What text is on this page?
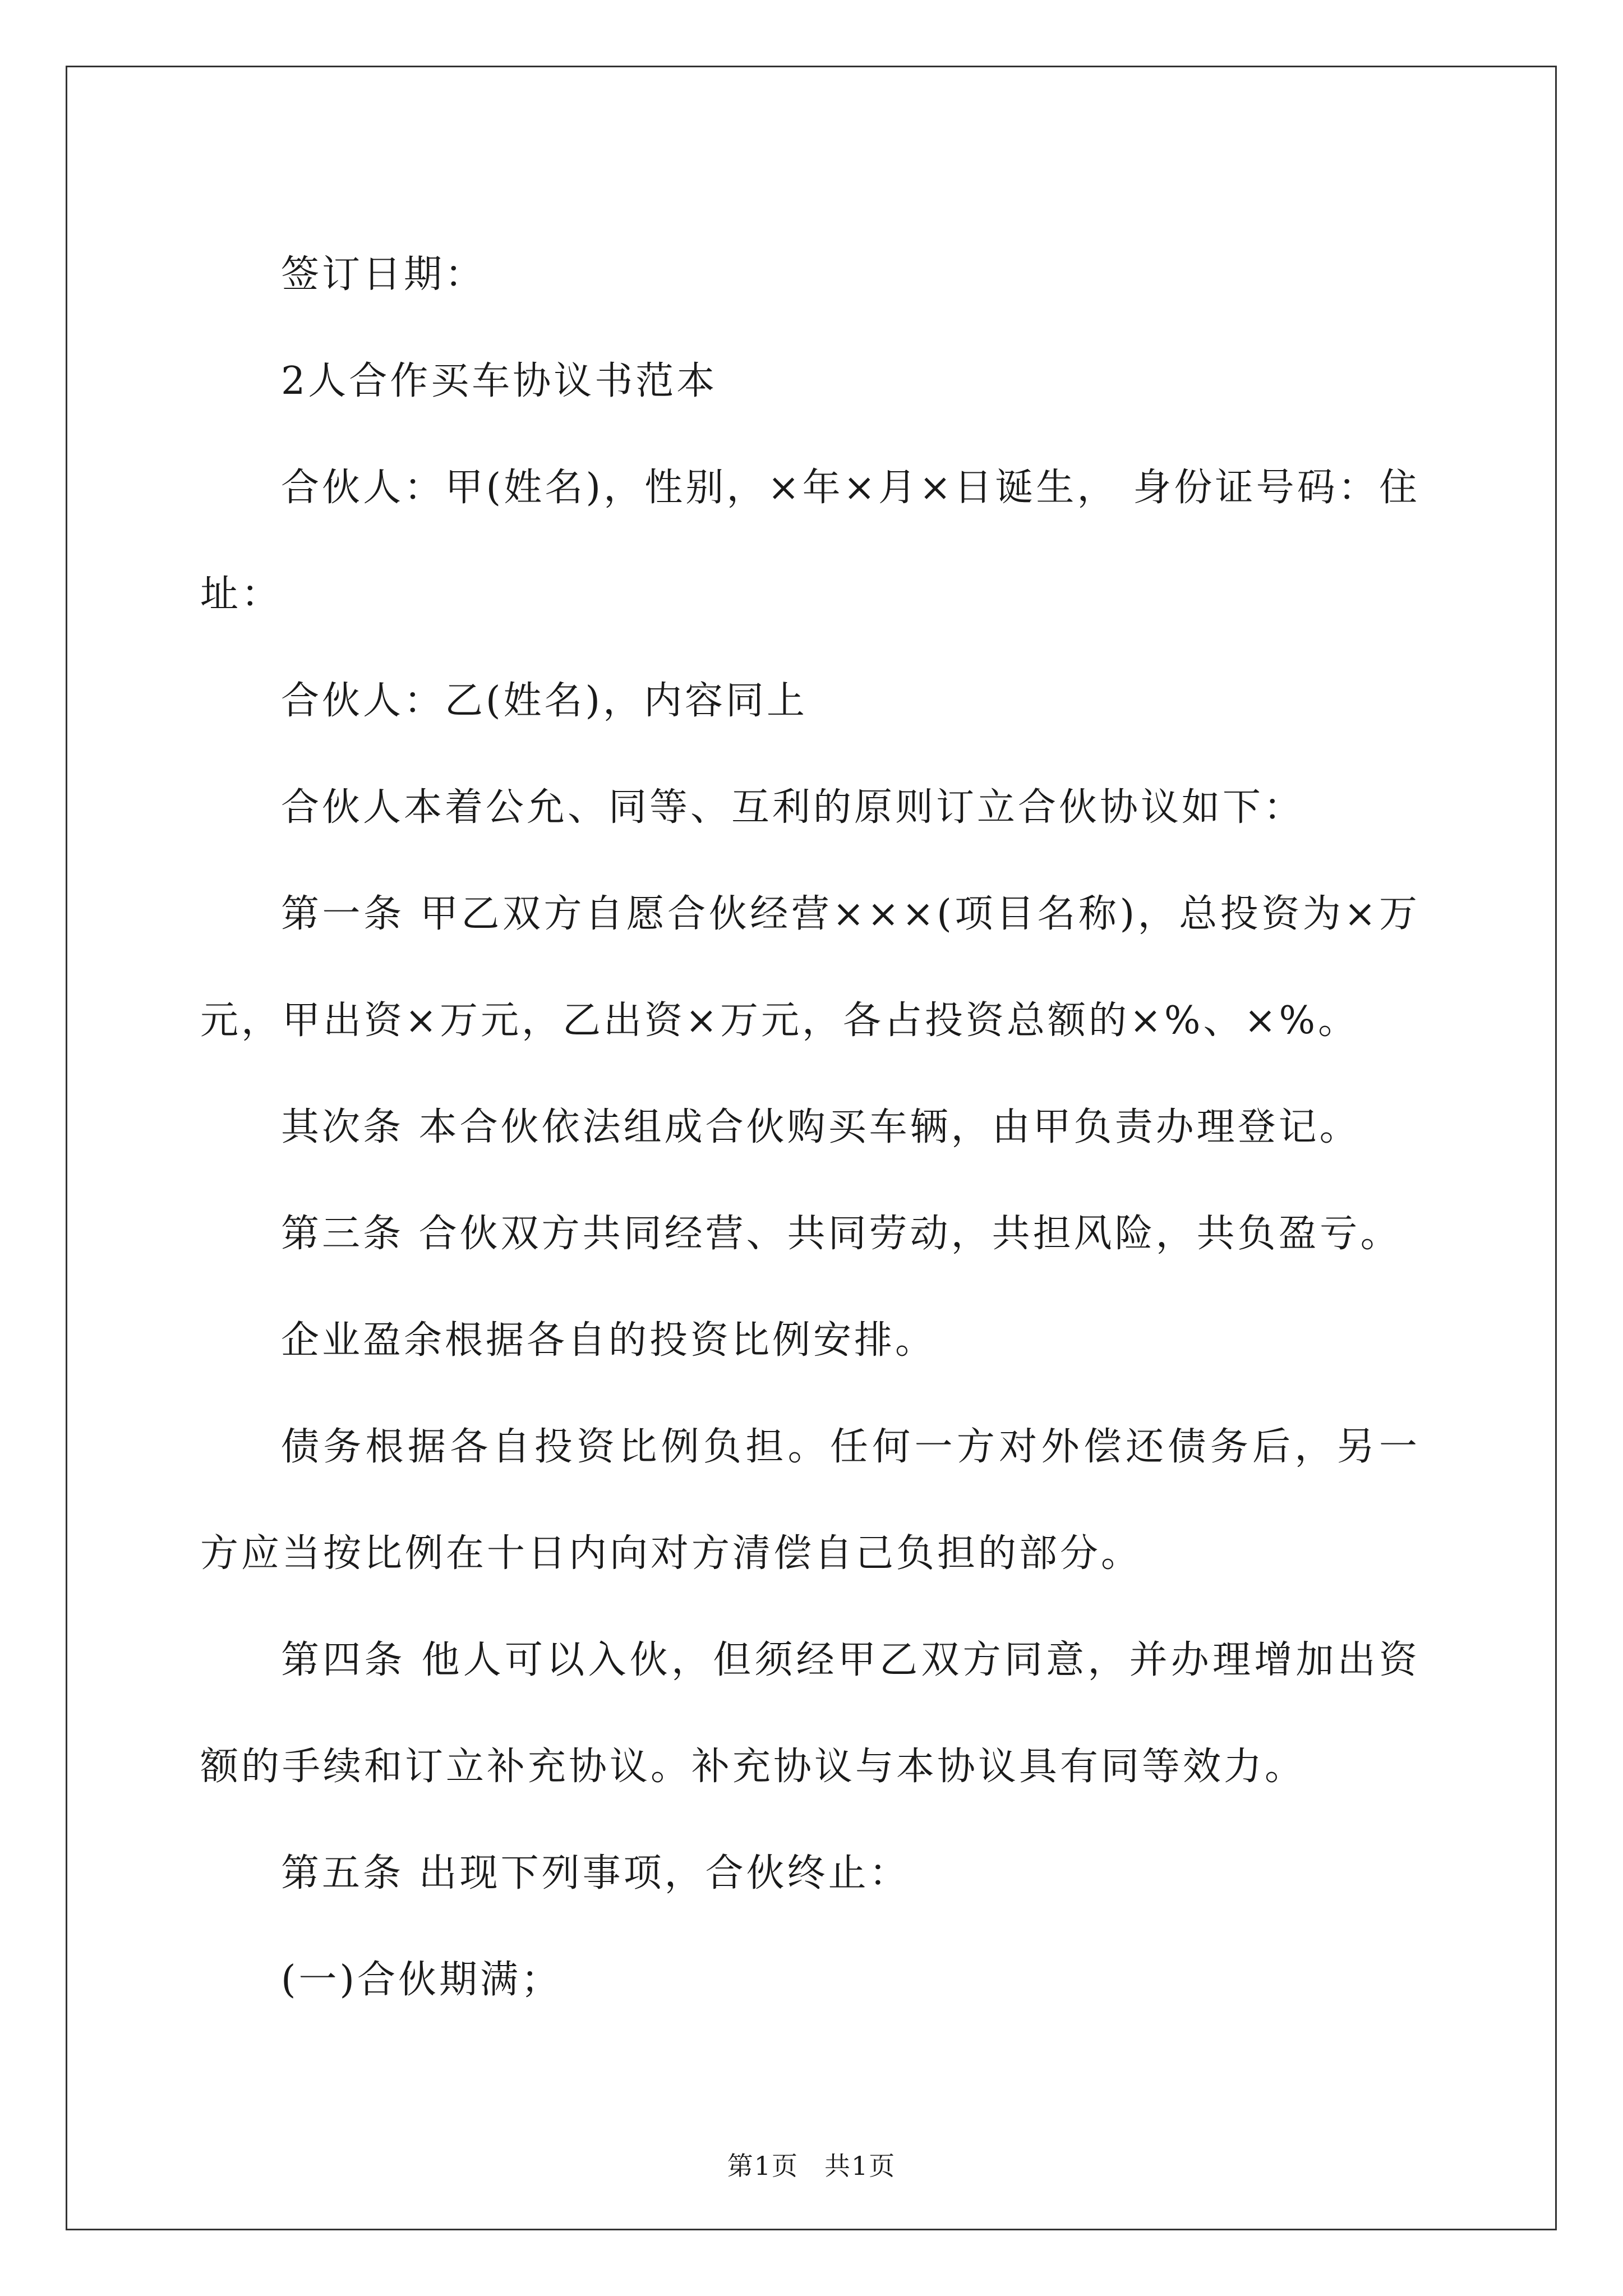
签订日期：

2人合作买车协议书范本

合伙人：甲(姓名)，性别，×年×月×日诞生， 身份证号码：住址：

合伙人：乙(姓名)，内容同上

合伙人本着公允、同等、互利的原则订立合伙协议如下：

第一条 甲乙双方自愿合伙经营×××(项目名称)，总投资为×万元，甲出资×万元，乙出资×万元，各占投资总额的×%、×%。

其次条 本合伙依法组成合伙购买车辆，由甲负责办理登记。

第三条 合伙双方共同经营、共同劳动，共担风险，共负盈亏。

企业盈余根据各自的投资比例安排。

债务根据各自投资比例负担。任何一方对外偿还债务后，另一方应当按比例在十日内向对方清偿自己负担的部分。

第四条 他人可以入伙，但须经甲乙双方同意，并办理增加出资额的手续和订立补充协议。补充协议与本协议具有同等效力。

第五条 出现下列事项，合伙终止：

(一)合伙期满；

第1页 共1页
